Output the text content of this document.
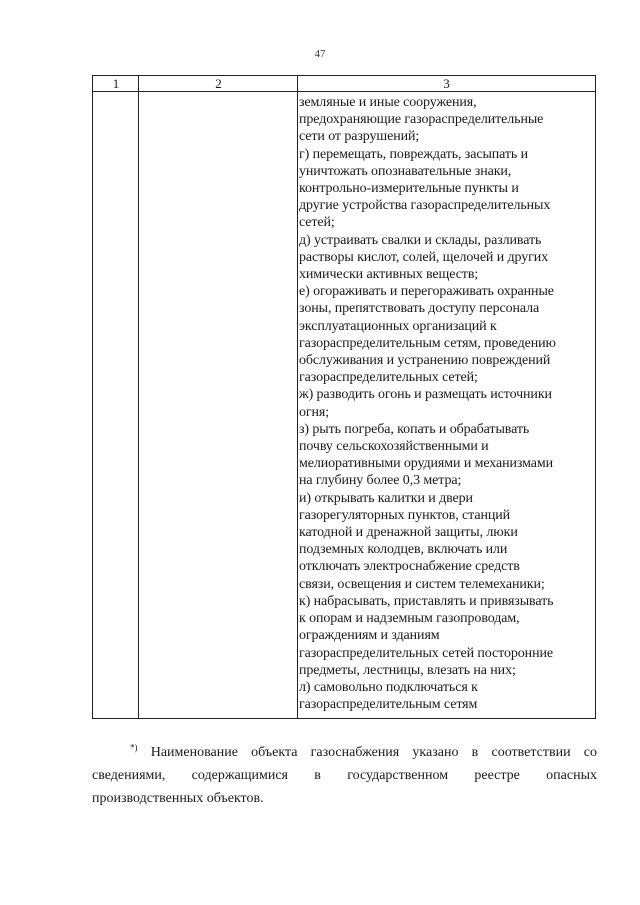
47
1	2	3
земляные и иные сооружения,
предохраняющие газораспределительные
сети от разрушений;
г) перемещать, повреждать, засыпать и
уничтожать опознавательные знаки,
контрольно-измерительные пункты и
другие устройства газораспределительных
сетей;
д) устраивать свалки и склады, разливать
растворы кислот, солей, щелочей и других
химически активных веществ;
е) огораживать и перегораживать охранные
зоны, препятствовать доступу персонала
эксплуатационных организаций к
газораспределительным сетям, проведению
обслуживания и устранению повреждений
газораспределительных сетей;
ж) разводить огонь и размещать источники
огня;
з) рыть погреба, копать и обрабатывать
почву сельскохозяйственными и
мелиоративными орудиями и механизмами
на глубину более 0,3 метра;
и) открывать калитки и двери
газорегуляторных пунктов, станций
катодной и дренажной защиты, люки
подземных колодцев, включать или
отключать электроснабжение средств
связи, освещения и систем телемеханики;
к) набрасывать, приставлять и привязывать
к опорам и надземным газопроводам,
ограждениям и зданиям
газораспределительных сетей посторонние
предметы, лестницы, влезать на них;
л) самовольно подключаться к
газораспределительным сетям
*) Наименование объекта газоснабжения указано в соответствии со
сведениями, содержащимися в государственном реестре опасных
производственных объектов.
